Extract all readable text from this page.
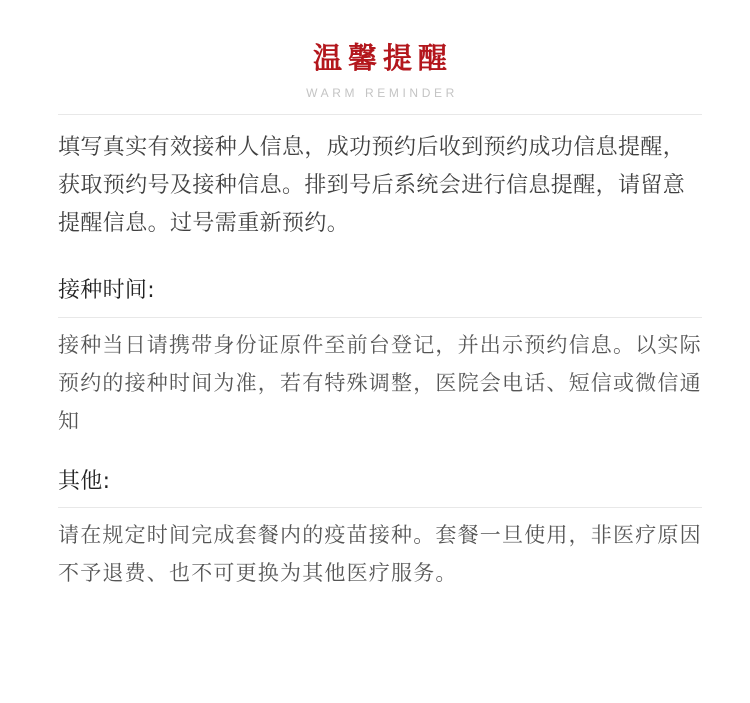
温馨提醒
WARM REMINDER
填写真实有效接种人信息，成功预约后收到预约成功信息提醒，获取预约号及接种信息。排到号后系统会进行信息提醒，请留意提醒信息。过号需重新预约。
接种时间:
接种当日请携带身份证原件至前台登记，并出示预约信息。以实际预约的接种时间为准，若有特殊调整，医院会电话、短信或微信通知
其他:
请在规定时间完成套餐内的疫苗接种。套餐一旦使用，非医疗原因不予退费、也不可更换为其他医疗服务。
